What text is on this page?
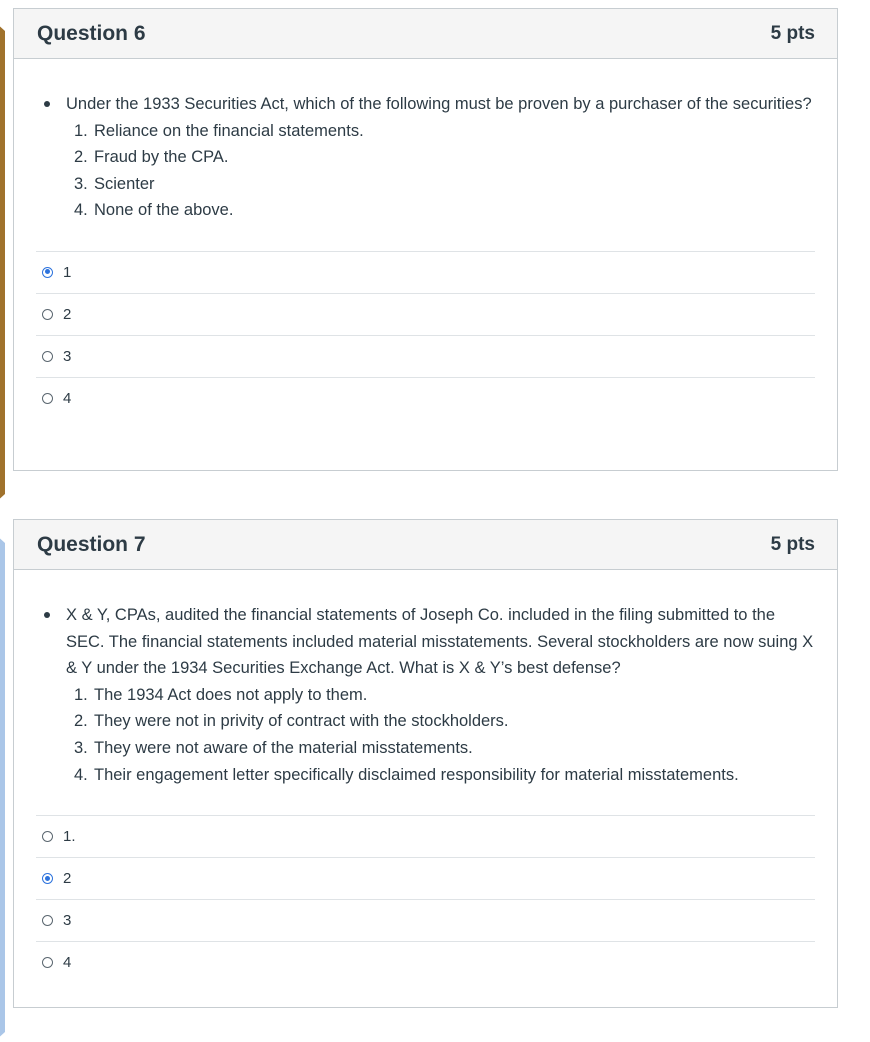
Question 6	5 pts
Under the 1933 Securities Act, which of the following must be proven by a purchaser of the securities?
1. Reliance on the financial statements.
2. Fraud by the CPA.
3. Scienter
4. None of the above.
1
2
3
4
Question 7	5 pts
X & Y, CPAs, audited the financial statements of Joseph Co. included in the filing submitted to the SEC. The financial statements included material misstatements. Several stockholders are now suing X & Y under the 1934 Securities Exchange Act. What is X & Y’s best defense?
1. The 1934 Act does not apply to them.
2. They were not in privity of contract with the stockholders.
3. They were not aware of the material misstatements.
4. Their engagement letter specifically disclaimed responsibility for material misstatements.
1.
2
3
4
